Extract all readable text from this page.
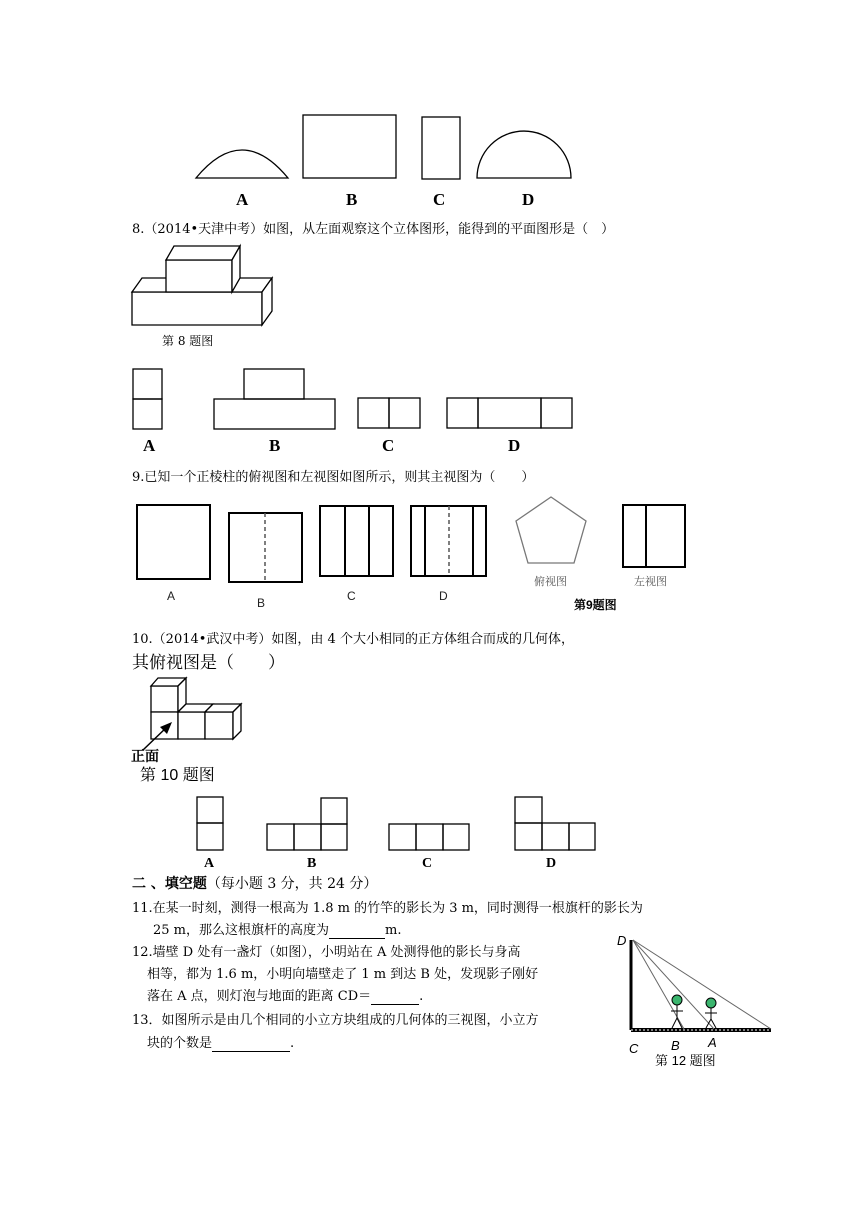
A	B	C	D
8.（2014•天津中考）如图，从左面观察这个立体图形，能得到的平面图形是（　）
第 8 题图
A	B	C	D
9.已知一个正棱柱的俯视图和左视图如图所示，则其主视图为（　　）
A	B	C	D
俯视图	左视图
第9题图
10.（2014•武汉中考）如图，由 4 个大小相同的正方体组合而成的几何体，
其俯视图是（　　）
正面
第 10 题图
A	B	C	D
二 、填空题（每小题 3 分，共 24 分）
11.在某一时刻，测得一根高为 1.8 m 的竹竿的影长为 3 m，同时测得一根旗杆的影长为
25 m，那么这根旗杆的高度为	m.
12.墙壁 D 处有一盏灯（如图），小明站在 A 处测得他的影长与身高
相等，都为 1.6 m，小明向墙壁走了 1 m 到达 B 处，发现影子刚好
落在 A 点，则灯泡与地面的距离 CD＝	.
13．如图所示是由几个相同的小立方块组成的几何体的三视图，小立方
块的个数是	.
D
C	B A
第 12 题图
